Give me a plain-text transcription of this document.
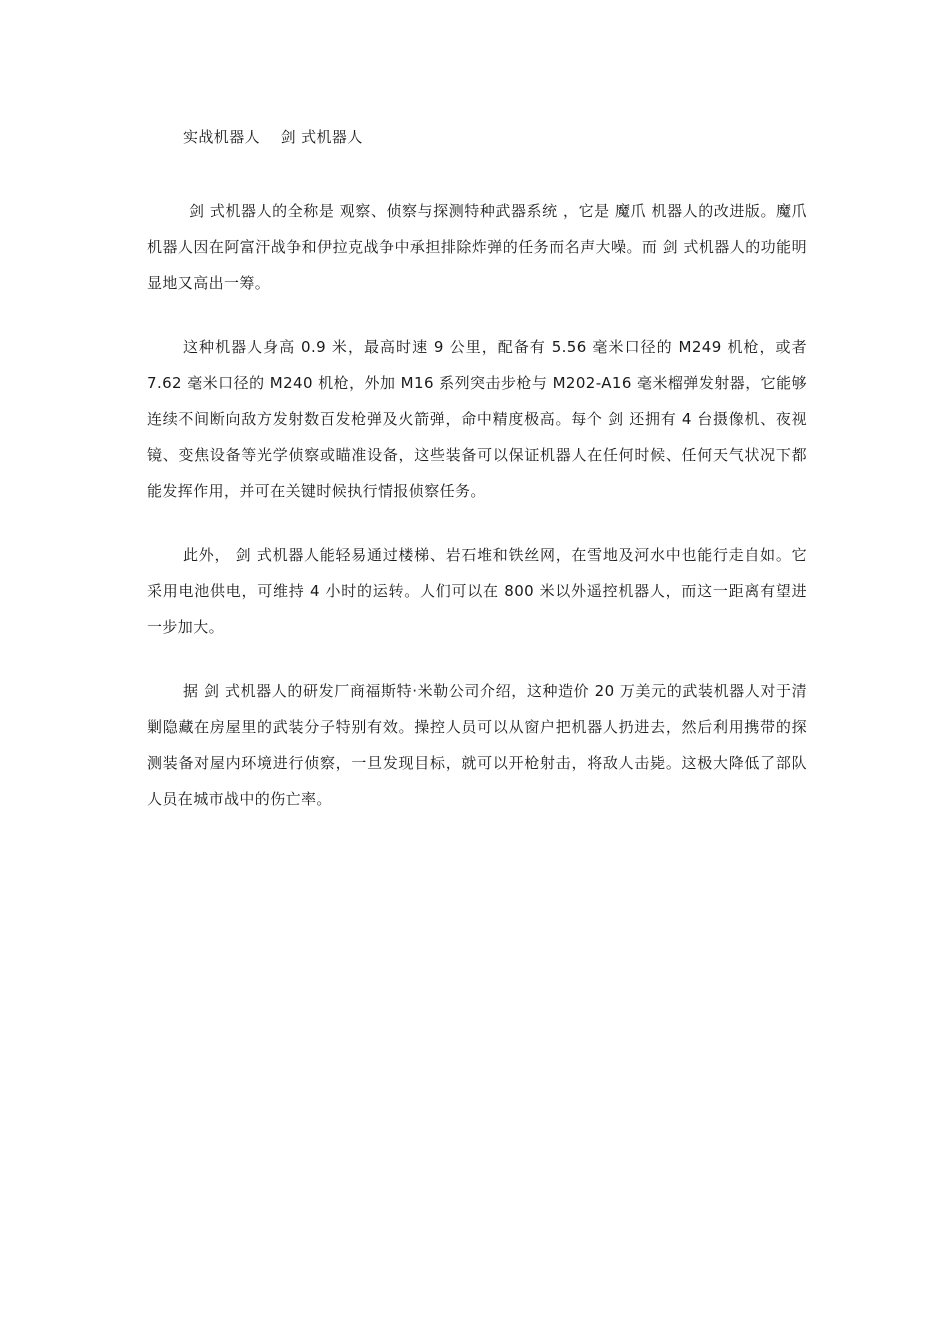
实战机器人　 剑 式机器人

剑 式机器人的全称是 观察、侦察与探测特种武器系统 ，它是 魔爪 机器人的改进版。魔爪 机器人因在阿富汗战争和伊拉克战争中承担排除炸弹的任务而名声大噪。而 剑 式机器人的功能明显地又高出一筹。

这种机器人身高 0.9 米，最高时速 9 公里，配备有 5.56 毫米口径的 M249 机枪，或者 7.62 毫米口径的 M240 机枪，外加 M16 系列突击步枪与 M202-A16 毫米榴弹发射器，它能够连续不间断向敌方发射数百发枪弹及火箭弹，命中精度极高。每个 剑 还拥有 4 台摄像机、夜视镜、变焦设备等光学侦察或瞄准设备，这些装备可以保证机器人在任何时候、任何天气状况下都能发挥作用，并可在关键时候执行情报侦察任务。

此外， 剑 式机器人能轻易通过楼梯、岩石堆和铁丝网，在雪地及河水中也能行走自如。它采用电池供电，可维持 4 小时的运转。人们可以在 800 米以外遥控机器人，而这一距离有望进一步加大。

据 剑 式机器人的研发厂商福斯特·米勒公司介绍，这种造价 20 万美元的武装机器人对于清剿隐藏在房屋里的武装分子特别有效。操控人员可以从窗户把机器人扔进去，然后利用携带的探测装备对屋内环境进行侦察，一旦发现目标，就可以开枪射击，将敌人击毙。这极大降低了部队人员在城市战中的伤亡率。
